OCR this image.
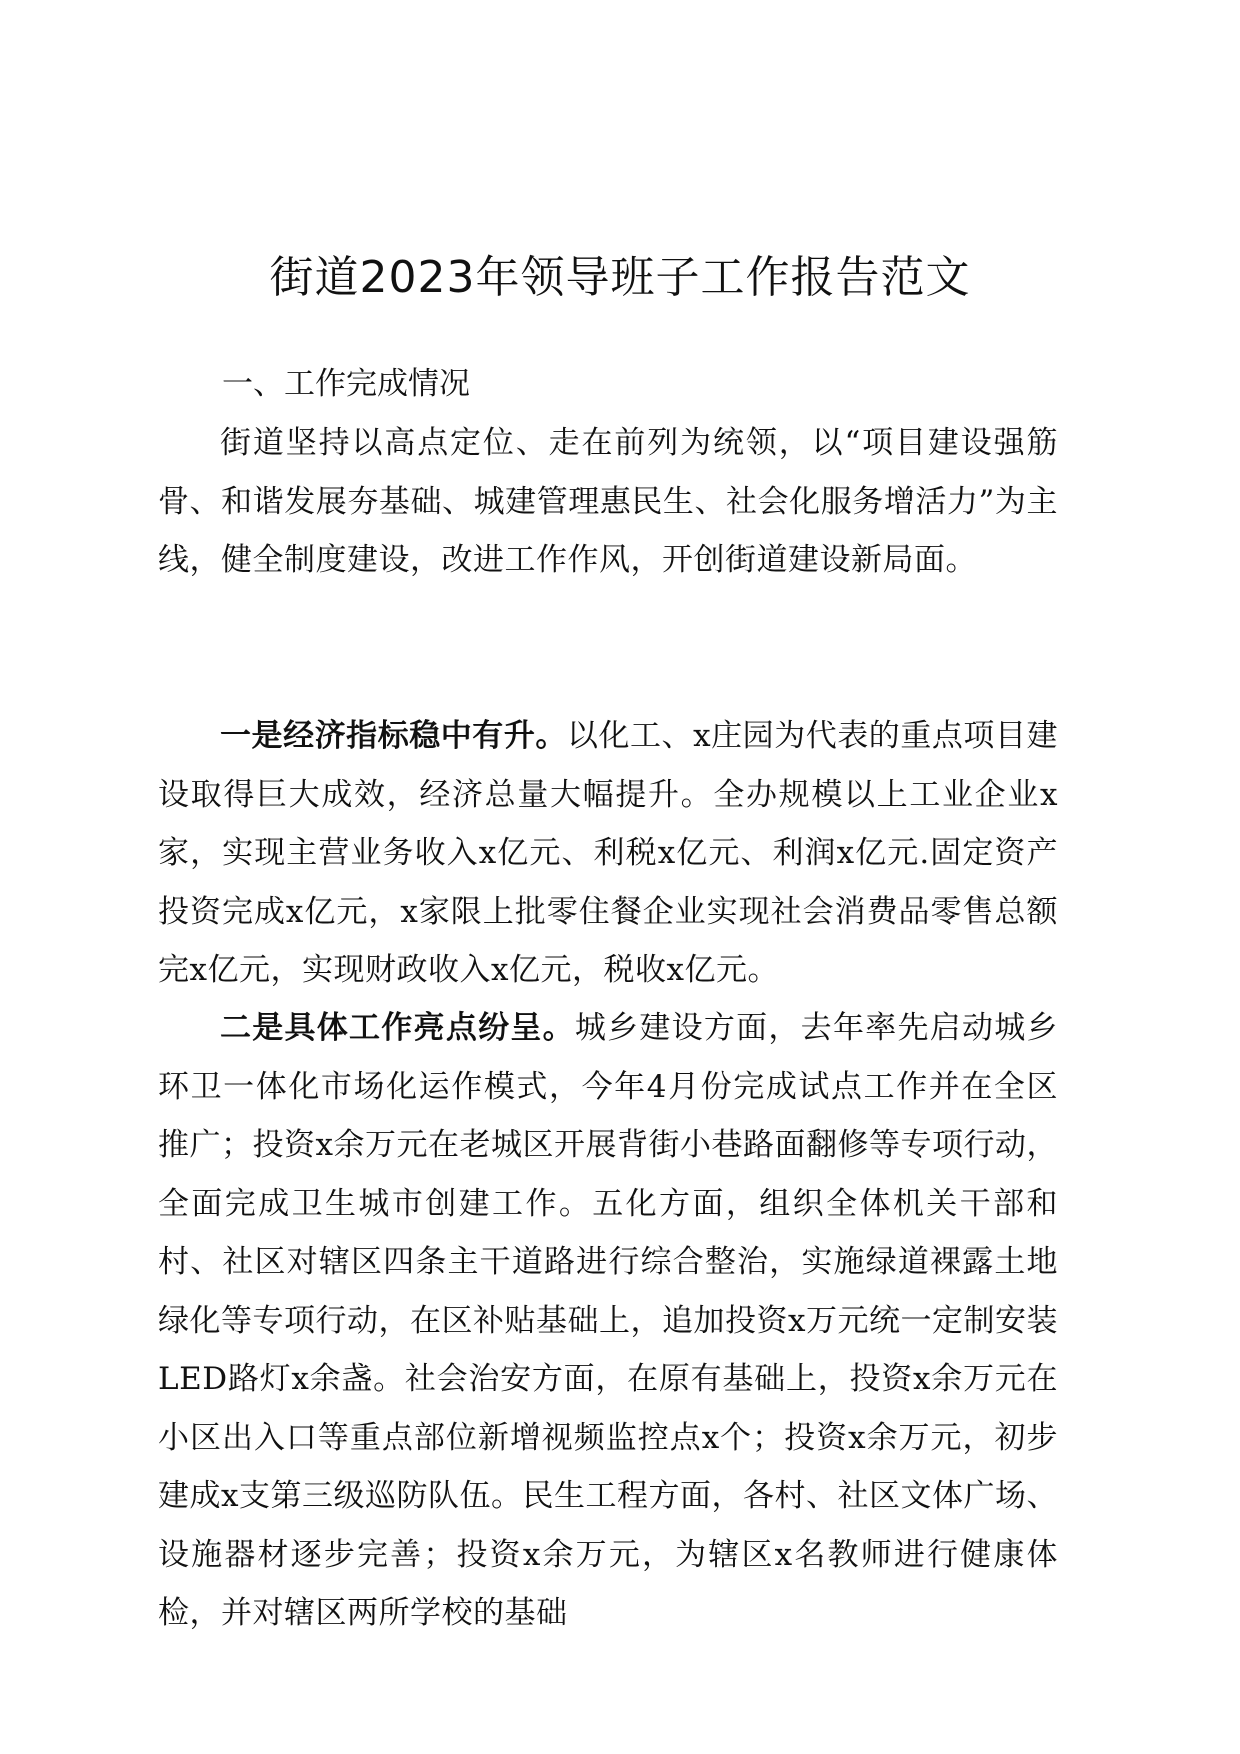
街道2023年领导班子工作报告范文
一、工作完成情况

街道坚持以高点定位、走在前列为统领，以“项目建设强筋骨、和谐发展夯基础、城建管理惠民生、社会化服务增活力”为主线，健全制度建设，改进工作作风，开创街道建设新局面。

一是经济指标稳中有升。以化工、x庄园为代表的重点项目建设取得巨大成效，经济总量大幅提升。全办规模以上工业企业x家，实现主营业务收入x亿元、利税x亿元、利润x亿元.固定资产投资完成x亿元，x家限上批零住餐企业实现社会消费品零售总额完x亿元，实现财政收入x亿元，税收x亿元。

二是具体工作亮点纷呈。城乡建设方面，去年率先启动城乡环卫一体化市场化运作模式，今年4月份完成试点工作并在全区推广；投资x余万元在老城区开展背街小巷路面翻修等专项行动，全面完成卫生城市创建工作。五化方面，组织全体机关干部和村、社区对辖区四条主干道路进行综合整治，实施绿道裸露土地绿化等专项行动，在区补贴基础上，追加投资x万元统一定制安装LED路灯x余盏。社会治安方面，在原有基础上，投资x余万元在小区出入口等重点部位新增视频监控点x个；投资x余万元，初步建成x支第三级巡防队伍。民生工程方面，各村、社区文体广场、设施器材逐步完善；投资x余万元，为辖区x名教师进行健康体检，并对辖区两所学校的基础
